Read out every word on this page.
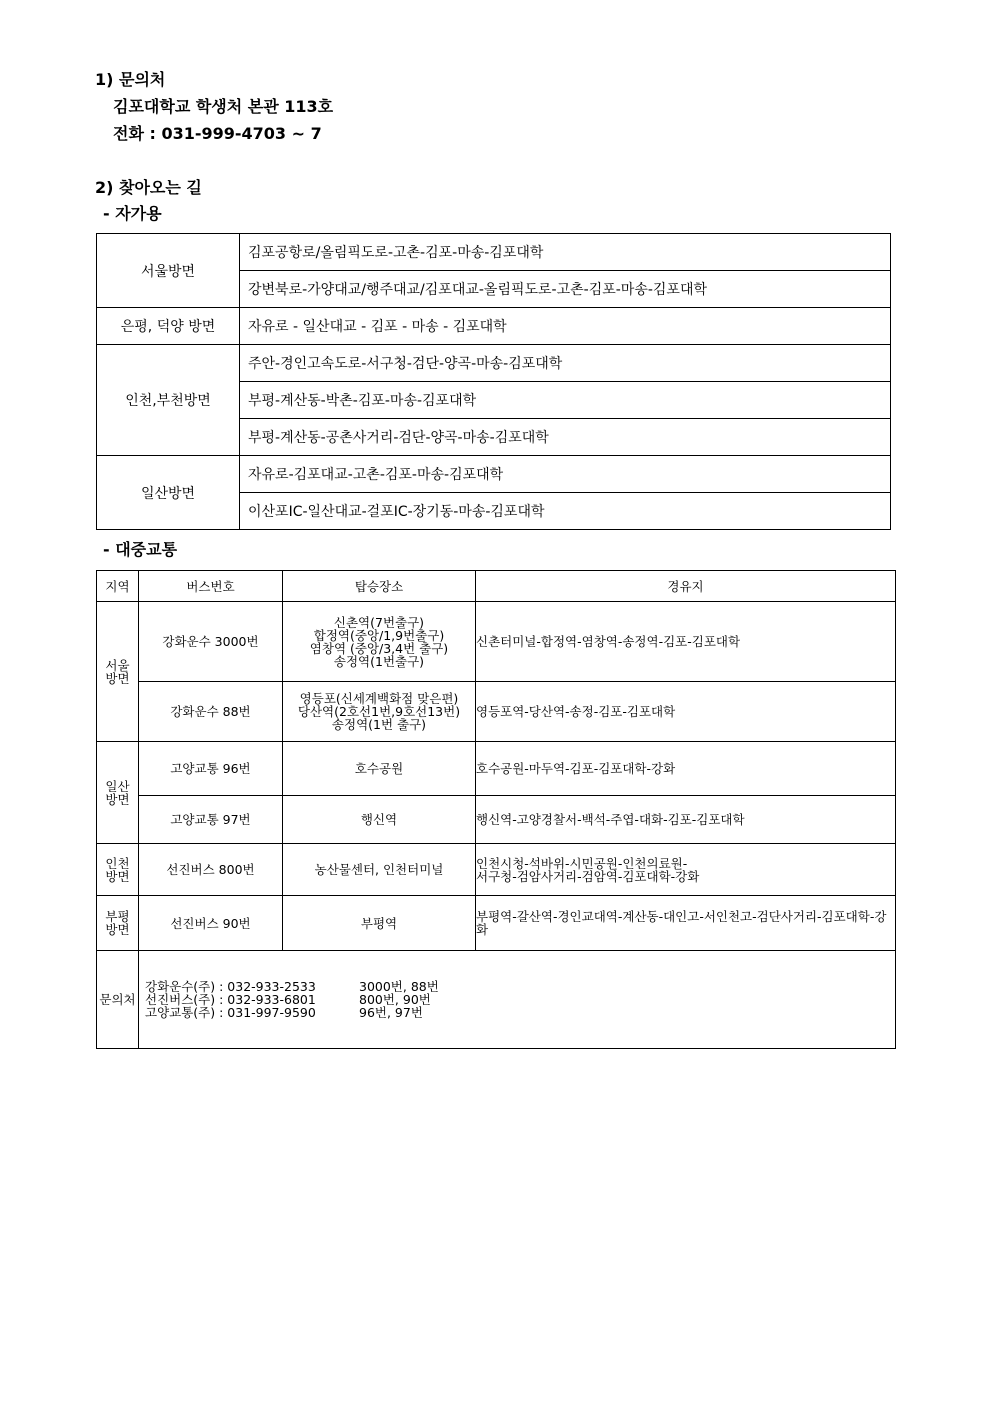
1) 문의처
김포대학교 학생처 본관 113호
전화 : 031-999-4703 ~ 7
2) 찾아오는 길
- 자가용
서울방면	김포공항로/올림픽도로-고촌-김포-마송-김포대학
	강변북로-가양대교/행주대교/김포대교-올림픽도로-고촌-김포-마송-김포대학
은평, 덕양 방면	자유로 - 일산대교 - 김포 - 마송 - 김포대학
인천,부천방면	주안-경인고속도로-서구청-검단-양곡-마송-김포대학
	부평-계산동-박촌-김포-마송-김포대학
	부평-계산동-공촌사거리-검단-양곡-마송-김포대학
일산방면	자유로-김포대교-고촌-김포-마송-김포대학
	이산포IC-일산대교-걸포IC-장기동-마송-김포대학
- 대중교통
지역	버스번호	탑승장소	경유지
서울
방면	강화운수 3000번	신촌역(7번출구)
합정역(중앙/1,9번출구)
염창역 (중앙/3,4번 출구)
송정역(1번출구)	신촌터미널-합정역-염창역-송정역-김포-김포대학
	강화운수 88번	영등포(신세계백화점 맞은편)
당산역(2호선1번,9호선13번)
송정역(1번 출구)	영등포역-당산역-송정-김포-김포대학
일산
방면	고양교통 96번	호수공원	호수공원-마두역-김포-김포대학-강화
	고양교통 97번	행신역	행신역-고양경찰서-백석-주엽-대화-김포-김포대학
인천
방면	선진버스 800번	농산물센터, 인천터미널	인천시청-석바위-시민공원-인천의료원-
서구청-검암사거리-검암역-김포대학-강화
부평
방면	선진버스 90번	부평역	부평역-갈산역-경인교대역-계산동-대인고-서인천고-검단사거리-김포대학-강화
문의처	강화운수(주) : 032-933-2533 3000번, 88번
선진버스(주) : 032-933-6801 800번, 90번
고양교통(주) : 031-997-9590 96번, 97번		
